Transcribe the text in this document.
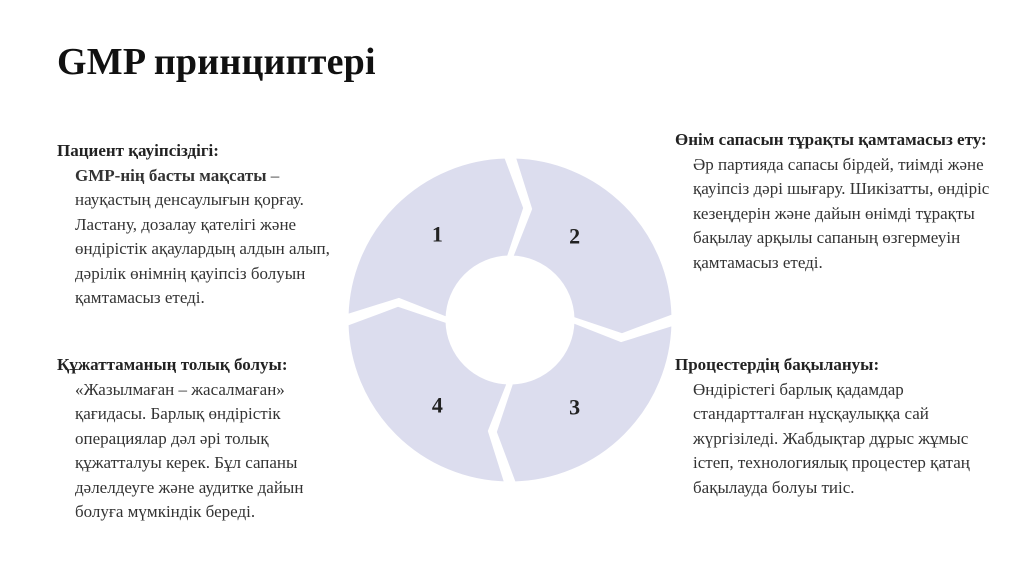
GMP принциптері

Пациент қауіпсіздігі:

GMP-нің басты мақсаты – науқастың денсаулығын қорғау. Ластану, дозалау қателігі және өндірістік ақаулардың алдын алып, дәрілік өнімнің қауіпсіз болуын қамтамасыз етеді.

Құжаттаманың толық болуы:

«Жазылмаған – жасалмаған» қағидасы. Барлық өндірістік операциялар дәл әрі толық құжатталуы керек. Бұл сапаны дәлелдеуге және аудитке дайын болуға мүмкіндік береді.

Өнім сапасын тұрақты қамтамасыз ету:

Әр партияда сапасы бірдей, тиімді және қауіпсіз дәрі шығару. Шикізатты, өндіріс кезеңдерін және дайын өнімді тұрақты бақылау арқылы сапаның өзгермеуін қамтамасыз етеді.

Процестердің бақылануы:

Өндірістегі барлық қадамдар стандартталған нұсқаулыққа сай жүргізіледі. Жабдықтар дұрыс жұмыс істеп, технологиялық процестер қатаң бақылауда болуы тиіс.

1	2
3
4
